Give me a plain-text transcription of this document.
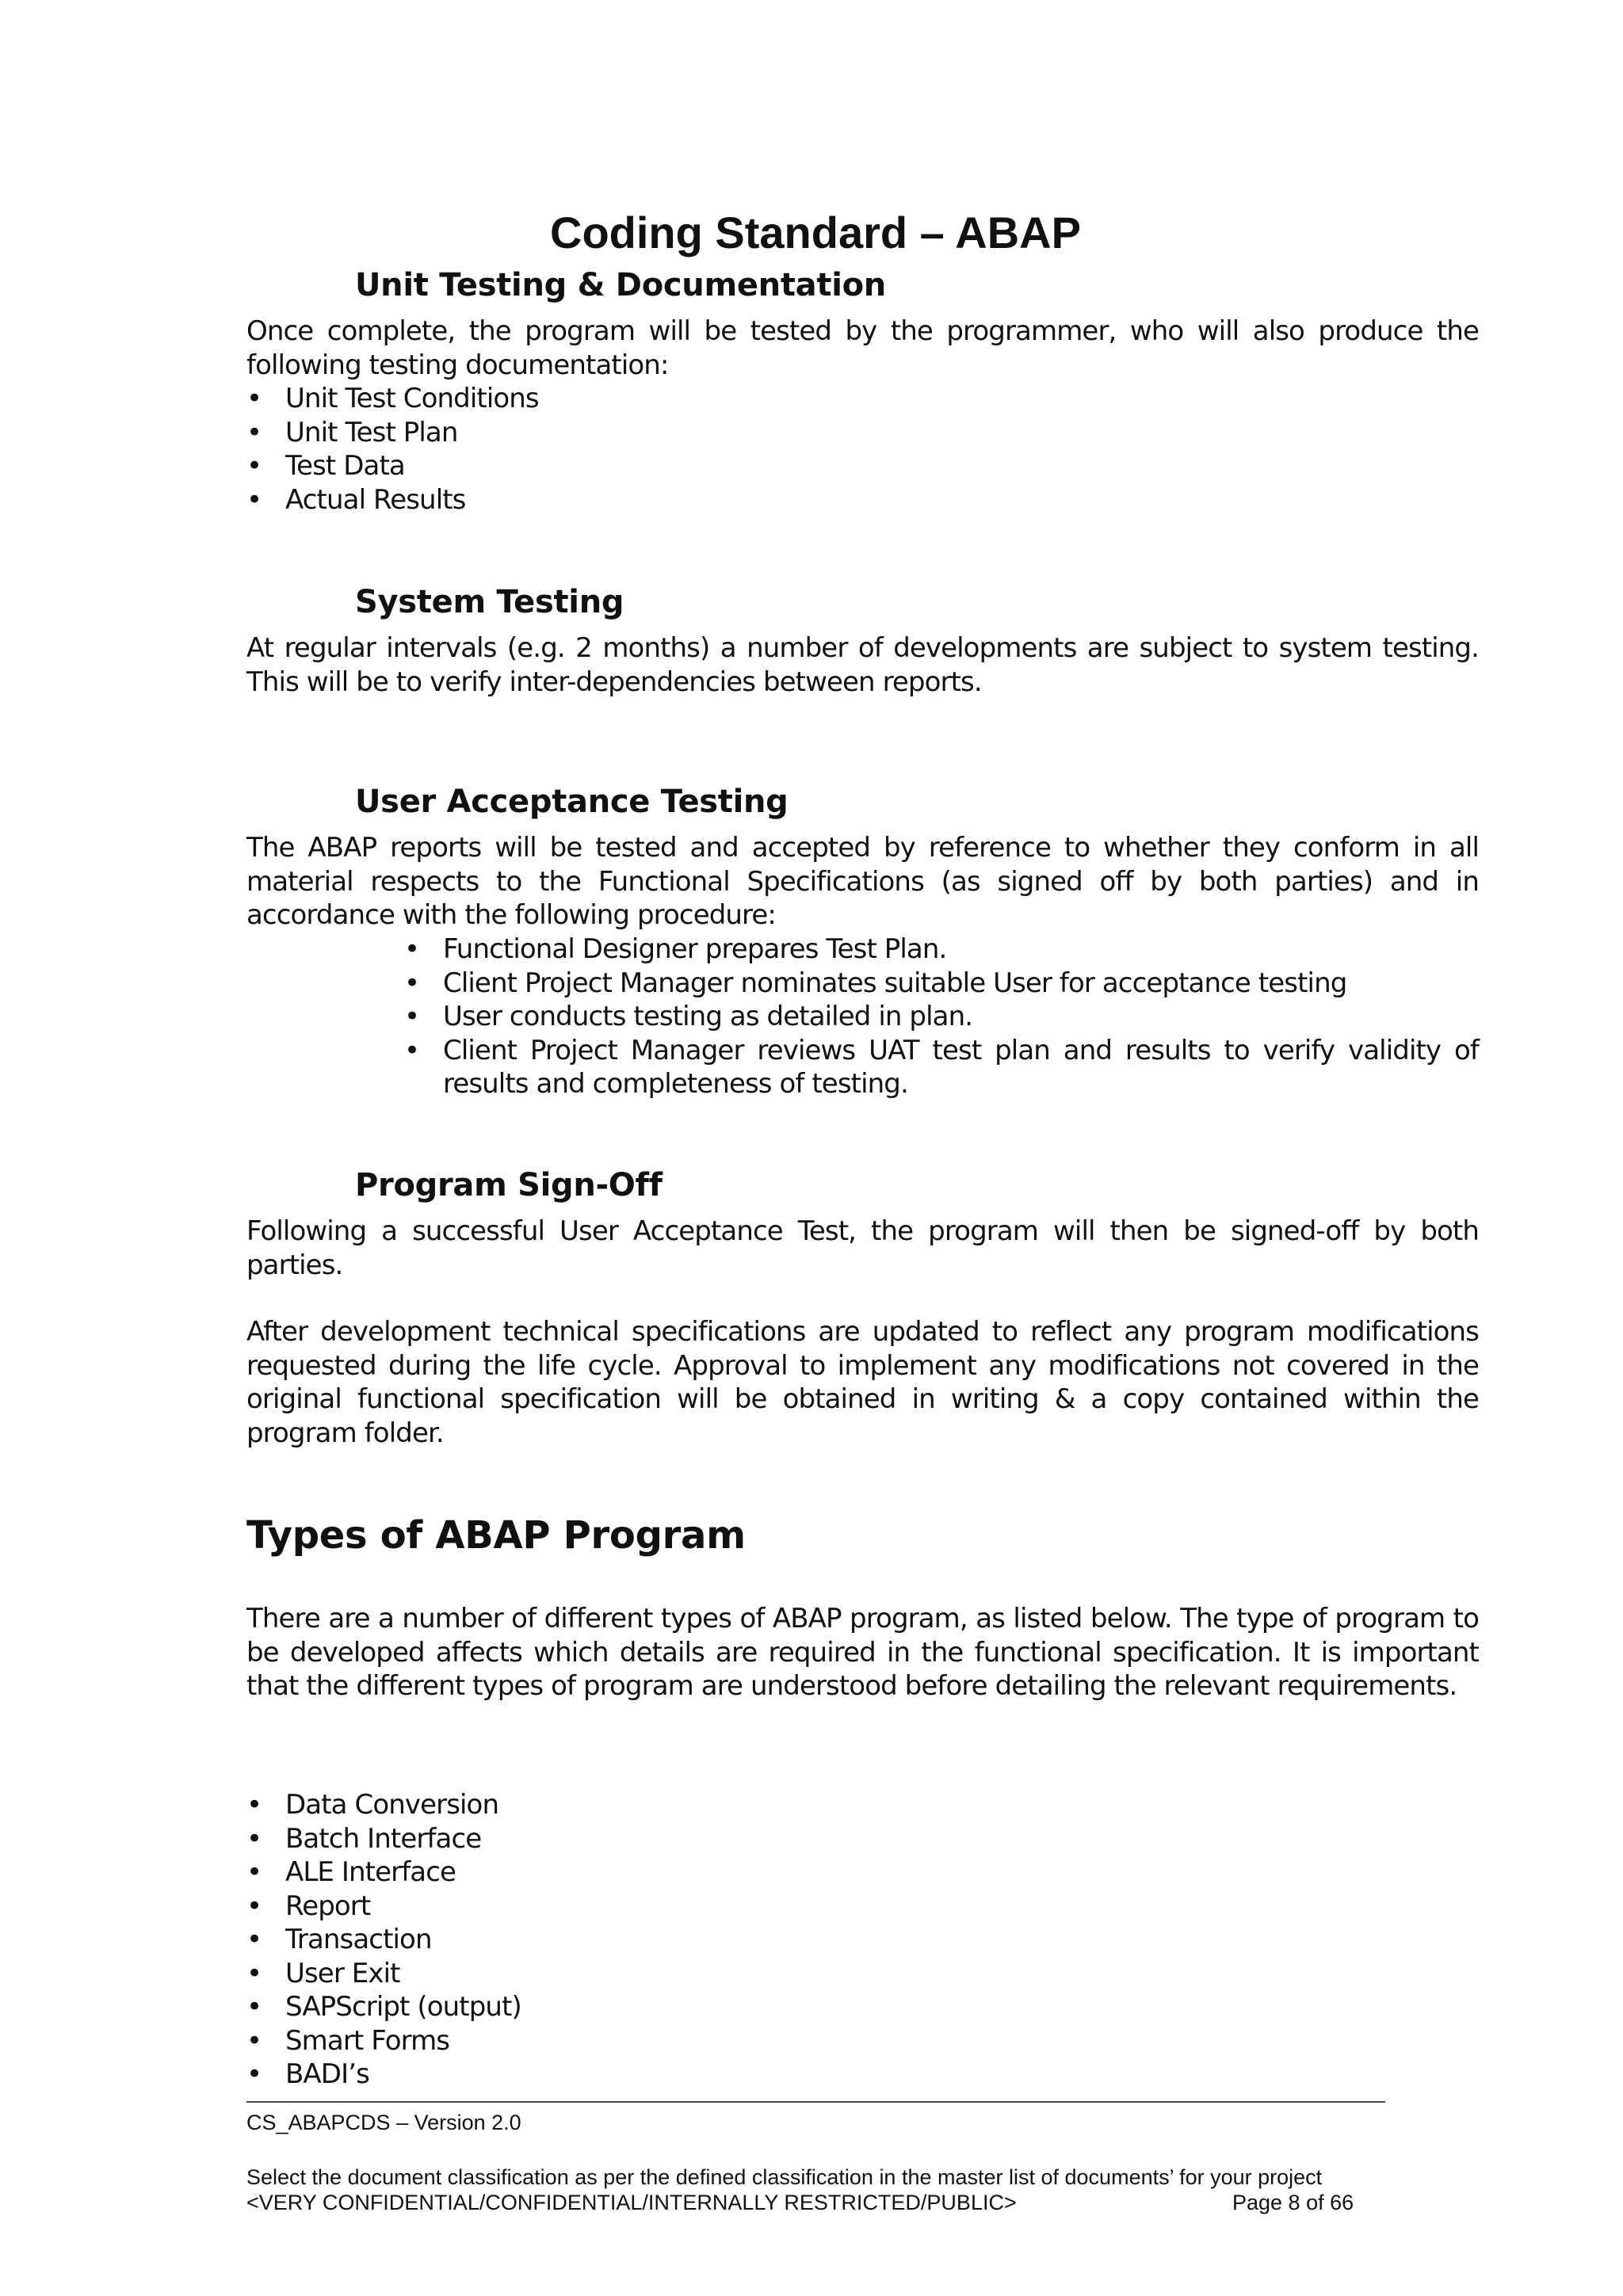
Coding Standard – ABAP
Unit Testing & Documentation

Once complete, the program will be tested by the programmer, who will also produce the following testing documentation:

• Unit Test Conditions
• Unit Test Plan
• Test Data
• Actual Results
System Testing

At regular intervals (e.g. 2 months) a number of developments are subject to system testing. This will be to verify inter-dependencies between reports.

User Acceptance Testing

The ABAP reports will be tested and accepted by reference to whether they conform in all material respects to the Functional Specifications (as signed off by both parties) and in accordance with the following procedure:

• Functional Designer prepares Test Plan.
• Client Project Manager nominates suitable User for acceptance testing
• User conducts testing as detailed in plan.
• Client Project Manager reviews UAT test plan and results to verify validity of results and completeness of testing.
Program Sign-Off

Following a successful User Acceptance Test, the program will then be signed-off by both parties.

After development technical specifications are updated to reflect any program modifications requested during the life cycle. Approval to implement any modifications not covered in the original functional specification will be obtained in writing & a copy contained within the program folder.

Types of ABAP Program

There are a number of different types of ABAP program, as listed below. The type of program to be developed affects which details are required in the functional specification. It is important that the different types of program are understood before detailing the relevant requirements.

• Data Conversion
• Batch Interface
• ALE Interface
• Report
• Transaction
• User Exit
• SAPScript (output)
• Smart Forms
• BADI’s
CS_ABAPCDS – Version 2.0
Select the document classification as per the defined classification in the master list of documents’ for your project
<VERY CONFIDENTIAL/CONFIDENTIAL/INTERNALLY RESTRICTED/PUBLIC>	Page 8 of 66
